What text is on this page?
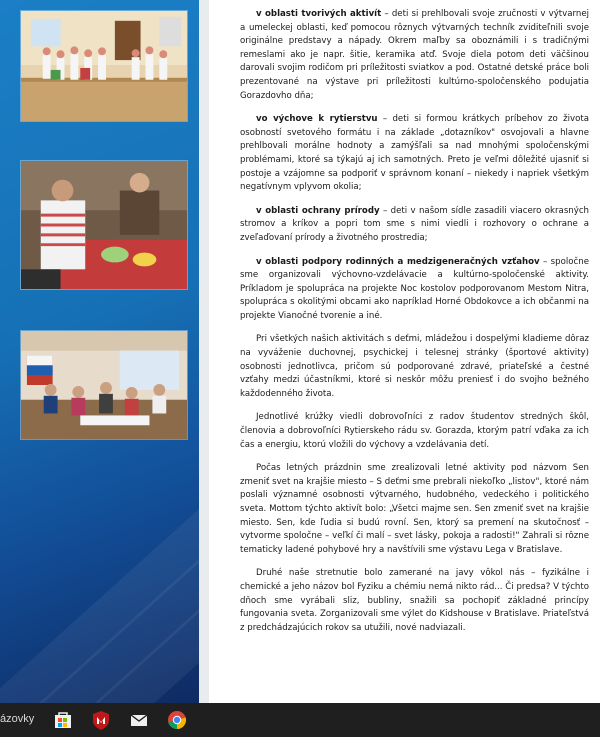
v oblasti tvorivých aktivít – deti si prehlbovali svoje zručnosti v výtvarnej a umeleckej oblasti, keď pomocou rôznych výtvarných techník zviditeľnili svoje originálne predstavy a nápady. Okrem maľby sa oboznámili i s tradičnými remeslami ako je napr. šitie, keramika atď. Svoje diela potom deti väčšinou darovali svojim rodičom pri príležitosti sviatkov a pod. Ostatné detské práce boli prezentované na výstave pri príležitosti kultúrno-spoločenského podujatia Gorazdovho dňa;

vo výchove k rytierstvu – deti si formou krátkych príbehov zo života osobností svetového formátu i na základe „dotazníkov" osvojovali a hlavne prehlbovali morálne hodnoty a zamýšľali sa nad mnohými spoločenskými problémami, ktoré sa týkajú aj ich samotných. Preto je veľmi dôležité ujasniť si postoje a vzájomne sa podporiť v správnom konaní – niekedy i napriek všetkým negatívnym vplyvom okolia;

v oblasti ochrany prírody – deti v našom sídle zasadili viacero okrasných stromov a kríkov a popri tom sme s nimi viedli i rozhovory o ochrane a zveľaďovaní prírody a životného prostredia;

v oblasti podpory rodinných a medzigeneračných vzťahov – spoločne sme organizovali výchovno-vzdelávacie a kultúrno-spoločenské aktivity. Príkladom je spolupráca na projekte Noc kostolov podporovanom Mestom Nitra, spolupráca s okolitými obcami ako napríklad Horné Obdokovce a ich občanmi na projekte Vianočné tvorenie a iné.

Pri všetkých našich aktivitách s deťmi, mládežou i dospelými kladieme dôraz na vyváženie duchovnej, psychickej i telesnej stránky (športové aktivity) osobnosti jednotlivca, pričom sú podporované zdravé, priateľské a čestné vzťahy medzi účastníkmi, ktoré si neskôr môžu preniesť i do svojho bežného každodenného života.

Jednotlivé krúžky viedli dobrovoľníci z radov študentov stredných škôl, členovia a dobrovoľníci Rytierskeho rádu sv. Gorazda, ktorým patrí vďaka za ich čas a energiu, ktorú vložili do výchovy a vzdelávania detí.

Počas letných prázdnin sme zrealizovali letné aktivity pod názvom Sen zmeniť svet na krajšie miesto – S deťmi sme prebrali niekoľko „listov", ktoré nám poslali významné osobnosti výtvarného, hudobného, vedeckého i politického sveta. Mottom týchto aktivít bolo: „Všetci majme sen. Sen zmeniť svet na krajšie miesto. Sen, kde ľudia si budú rovní. Sen, ktorý sa premení na skutočnosť – vytvorme spoločne – veľkí či malí – svet lásky, pokoja a radosti!" Zahrali si rôzne tematicky ladené pohybové hry a navštívili sme výstavu Lega v Bratislave.

Druhé naše stretnutie bolo zamerané na javy vôkol nás – fyzikálne i chemické a jeho názov bol Fyziku a chémiu nemá nikto rád... Či predsa? V týchto dňoch sme vyrábali sliz, bubliny, snažili sa pochopiť základné princípy fungovania sveta. Zorganizovali sme výlet do Kidshouse v Bratislave. Priateľstvá z predchádzajúcich rokov sa utužili, nové nadviazali.

ázovky
